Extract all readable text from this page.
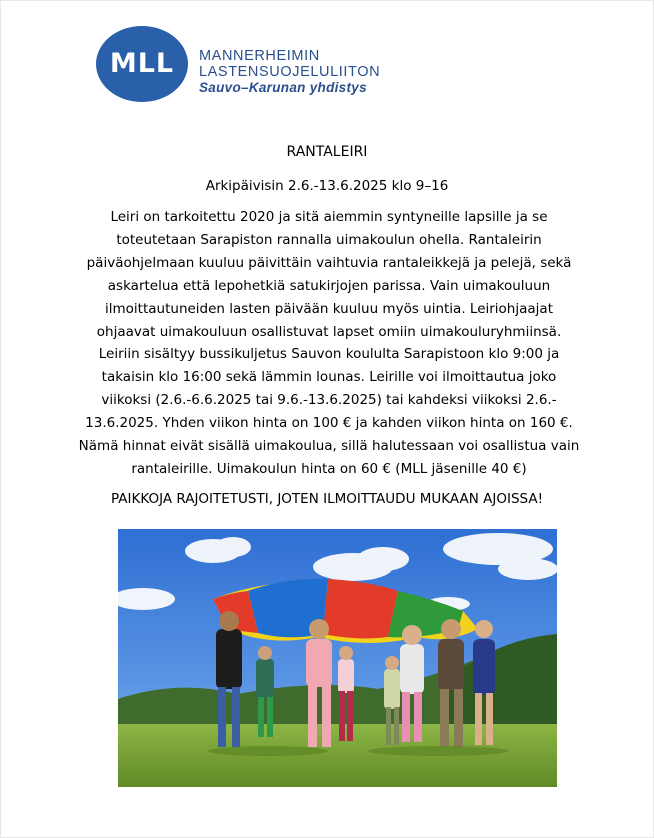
MLL	MANNERHEIMIN
LASTENSUOJELULIITON
Sauvo–Karunan yhdistys
RANTALEIRI
Arkipäivisin 2.6.-13.6.2025 klo 9–16
Leiri on tarkoitettu 2020 ja sitä aiemmin syntyneille lapsille ja se
toteutetaan Sarapiston rannalla uimakoulun ohella. Rantaleirin
päiväohjelmaan kuuluu päivittäin vaihtuvia rantaleikkejä ja pelejä, sekä
askartelua että lepohetkiä satukirjojen parissa. Vain uimakouluun
ilmoittautuneiden lasten päivään kuuluu myös uintia. Leiriohjaajat
ohjaavat uimakouluun osallistuvat lapset omiin uimakouluryhmiinsä.
Leiriin sisältyy bussikuljetus Sauvon koululta Sarapistoon klo 9:00 ja
takaisin klo 16:00 sekä lämmin lounas. Leirille voi ilmoittautua joko
viikoksi (2.6.-6.6.2025 tai 9.6.-13.6.2025) tai kahdeksi viikoksi 2.6.-
13.6.2025. Yhden viikon hinta on 100 € ja kahden viikon hinta on 160 €.
Nämä hinnat eivät sisällä uimakoulua, sillä halutessaan voi osallistua vain
rantaleirille. Uimakoulun hinta on 60 € (MLL jäsenille 40 €)
PAIKKOJA RAJOITETUSTI, JOTEN ILMOITTAUDU MUKAAN AJOISSA!
